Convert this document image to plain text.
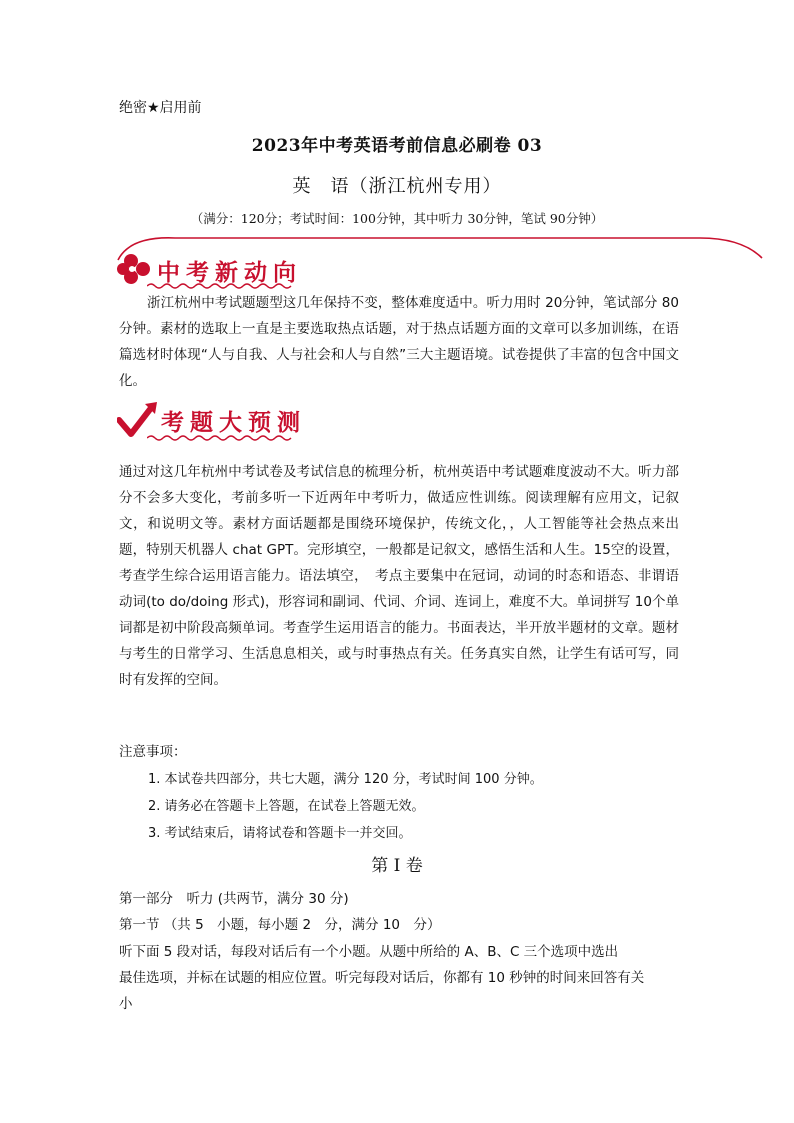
绝密★启用前
2023年中考英语考前信息必刷卷 03
英　语（浙江杭州专用）
（满分：120分；考试时间：100分钟，其中听力 30分钟，笔试 90分钟）
中考新动向
浙江杭州中考试题题型这几年保持不变，整体难度适中。听力用时 20分钟，笔试部分 80分钟。素材的选取上一直是主要选取热点话题，对于热点话题方面的文章可以多加训练，在语篇选材时体现“人与自我、人与社会和人与自然”三大主题语境。试卷提供了丰富的包含中国文化。
考题大预测
通过对这几年杭州中考试卷及考试信息的梳理分析，杭州英语中考试题难度波动不大。听力部分不会多大变化，考前多听一下近两年中考听力，做适应性训练。阅读理解有应用文，记叙文，和说明文等。素材方面话题都是围绕环境保护，传统文化，，人工智能等社会热点来出题，特别天机器人 chat GPT。完形填空，一般都是记叙文，感悟生活和人生。15空的设置，考查学生综合运用语言能力。语法填空，　考点主要集中在冠词，动词的时态和语态、非谓语动词(to do/doing 形式)，形容词和副词、代词、介词、连词上，难度不大。单词拼写 10个单词都是初中阶段高频单词。考查学生运用语言的能力。书面表达，半开放半题材的文章。题材与考生的日常学习、生活息息相关，或与时事热点有关。任务真实自然，让学生有话可写，同时有发挥的空间。
注意事项：
1. 本试卷共四部分，共七大题，满分 120 分，考试时间 100 分钟。
2. 请务必在答题卡上答题，在试卷上答题无效。
3. 考试结束后，请将试卷和答题卡一并交回。
第 I 卷
第一部分　听力 (共两节，满分 30 分)
第一节 （共 5　小题，每小题 2　分，满分 10　分）
听下面 5 段对话，每段对话后有一个小题。从题中所给的 A、B、C 三个选项中选出
最佳选项，并标在试题的相应位置。听完每段对话后，你都有 10 秒钟的时间来回答有关
小
